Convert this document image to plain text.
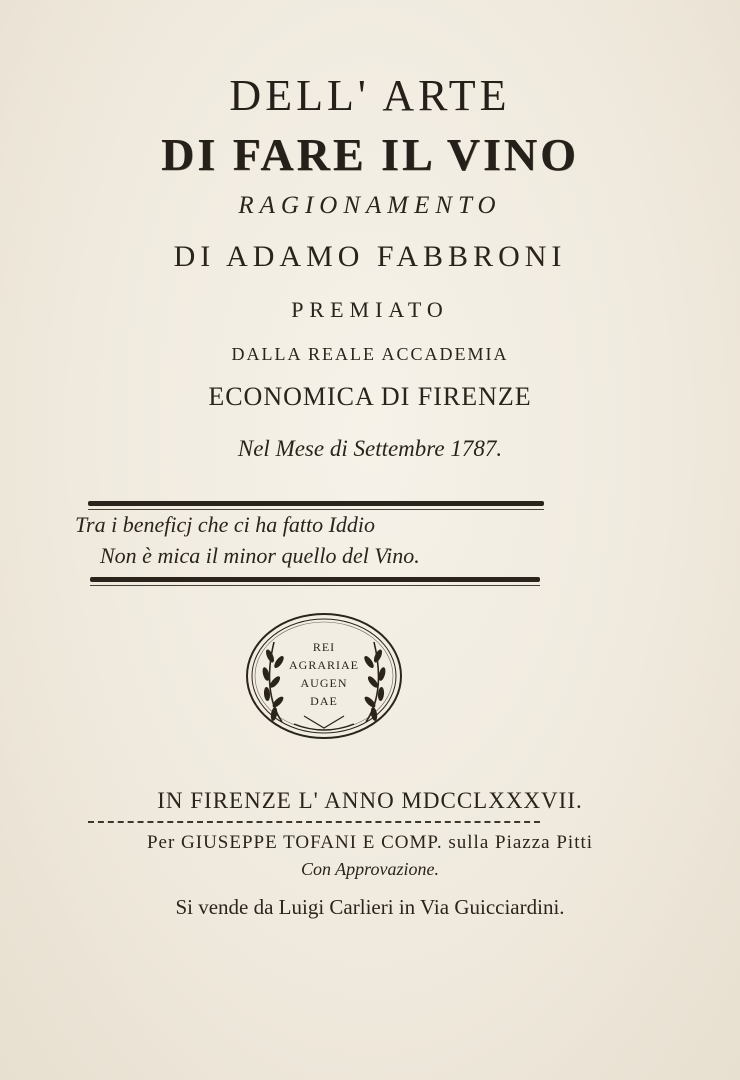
DELL' ARTE
DI FARE IL VINO
RAGIONAMENTO
DI ADAMO FABBRONI
PREMIATO
DALLA REALE ACCADEMIA
ECONOMICA DI FIRENZE
Nel Mese di Settembre 1787.
Tra i beneficj che ci ha fatto Iddio
Non è mica il minor quello del Vino.
REI
AGRARIAE
AUGEN
DAE
IN FIRENZE L' ANNO MDCCLXXXVII.
Per GIUSEPPE TOFANI E COMP. sulla Piazza Pitti
Con Approvazione.
Si vende da Luigi Carlieri in Via Guicciardini.
